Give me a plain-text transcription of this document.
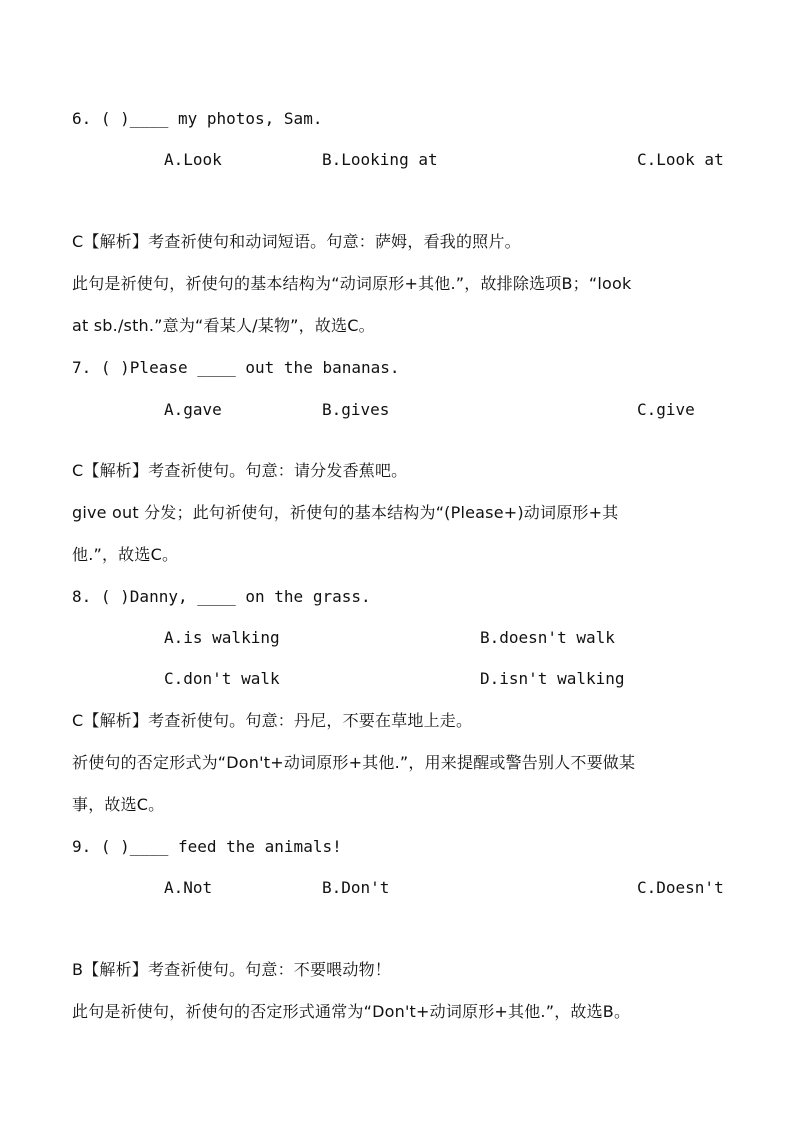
6. ( )____ my photos, Sam.
A.Look	B.Looking at	C.Look at
C【解析】考查祈使句和动词短语。句意：萨姆，看我的照片。
此句是祈使句，祈使句的基本结构为“动词原形+其他.”，故排除选项B；“look
at sb./sth.”意为“看某人/某物”，故选C。
7. ( )Please ____ out the bananas.
A.gave	B.gives	C.give
C【解析】考查祈使句。句意：请分发香蕉吧。
give out 分发；此句祈使句，祈使句的基本结构为“(Please+)动词原形+其
他.”，故选C。
8. ( )Danny, ____ on the grass.
A.is walking	B.doesn't walk
C.don't walk	D.isn't walking
C【解析】考查祈使句。句意：丹尼，不要在草地上走。
祈使句的否定形式为“Don't+动词原形+其他.”，用来提醒或警告别人不要做某
事，故选C。
9. ( )____ feed the animals!
A.Not	B.Don't	C.Doesn't
B【解析】考查祈使句。句意：不要喂动物！
此句是祈使句，祈使句的否定形式通常为“Don't+动词原形+其他.”，故选B。
